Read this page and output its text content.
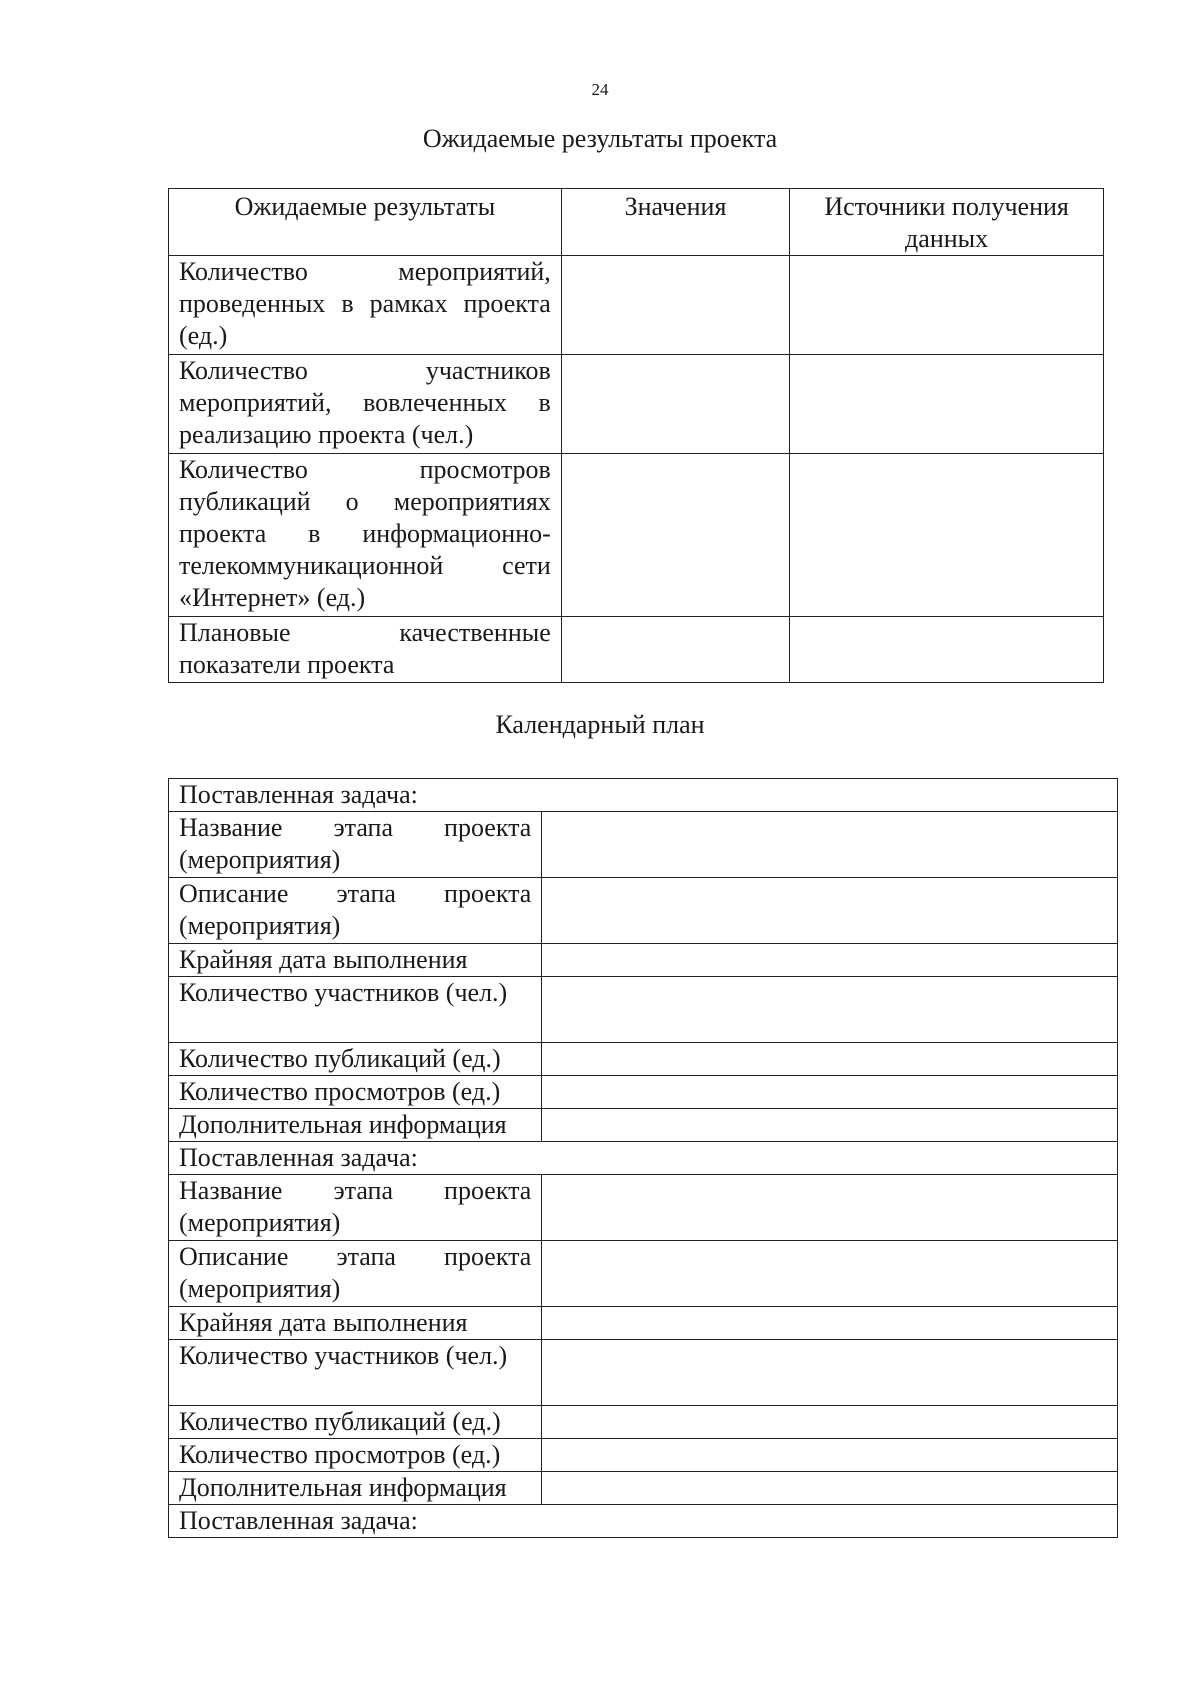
24
Ожидаемые результаты проекта
Ожидаемые результаты	Значения	Источники получения данных
Количество мероприятий, проведенных в рамках проекта (ед.)		
Количество участников мероприятий, вовлеченных в реализацию проекта (чел.)		
Количество просмотров публикаций о мероприятиях проекта в информационно-телекоммуникационной сети «Интернет» (ед.)		
Плановые качественные показатели проекта		
Календарный план
Поставленная задача:	
Название этапа проекта (мероприятия)	
Описание этапа проекта (мероприятия)	
Крайняя дата выполнения	
Количество участников (чел.)	
Количество публикаций (ед.)	
Количество просмотров (ед.)	
Дополнительная информация	
Поставленная задача:	
Название этапа проекта (мероприятия)	
Описание этапа проекта (мероприятия)	
Крайняя дата выполнения	
Количество участников (чел.)	
Количество публикаций (ед.)	
Количество просмотров (ед.)	
Дополнительная информация	
Поставленная задача:	
